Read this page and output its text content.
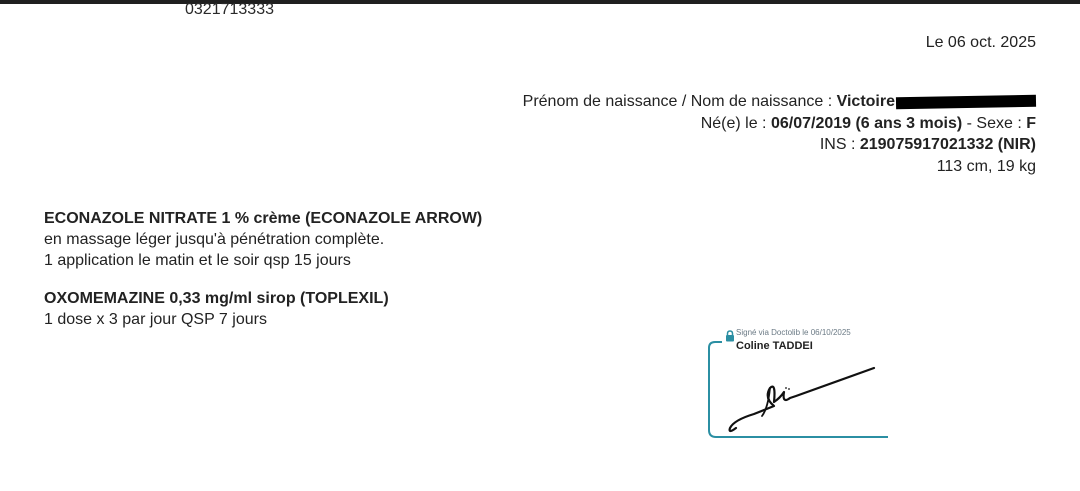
0321713333
Le 06 oct. 2025
Prénom de naissance / Nom de naissance : Victoire
Né(e) le : 06/07/2019 (6 ans 3 mois) - Sexe : F
INS : 219075917021332 (NIR)
113 cm, 19 kg
ECONAZOLE NITRATE 1 % crème (ECONAZOLE ARROW)
en massage léger jusqu'à pénétration complète.
1 application le matin et le soir qsp 15 jours
OXOMEMAZINE 0,33 mg/ml sirop (TOPLEXIL)
1 dose x 3 par jour QSP 7 jours
Signé via Doctolib le 06/10/2025
Coline TADDEI
